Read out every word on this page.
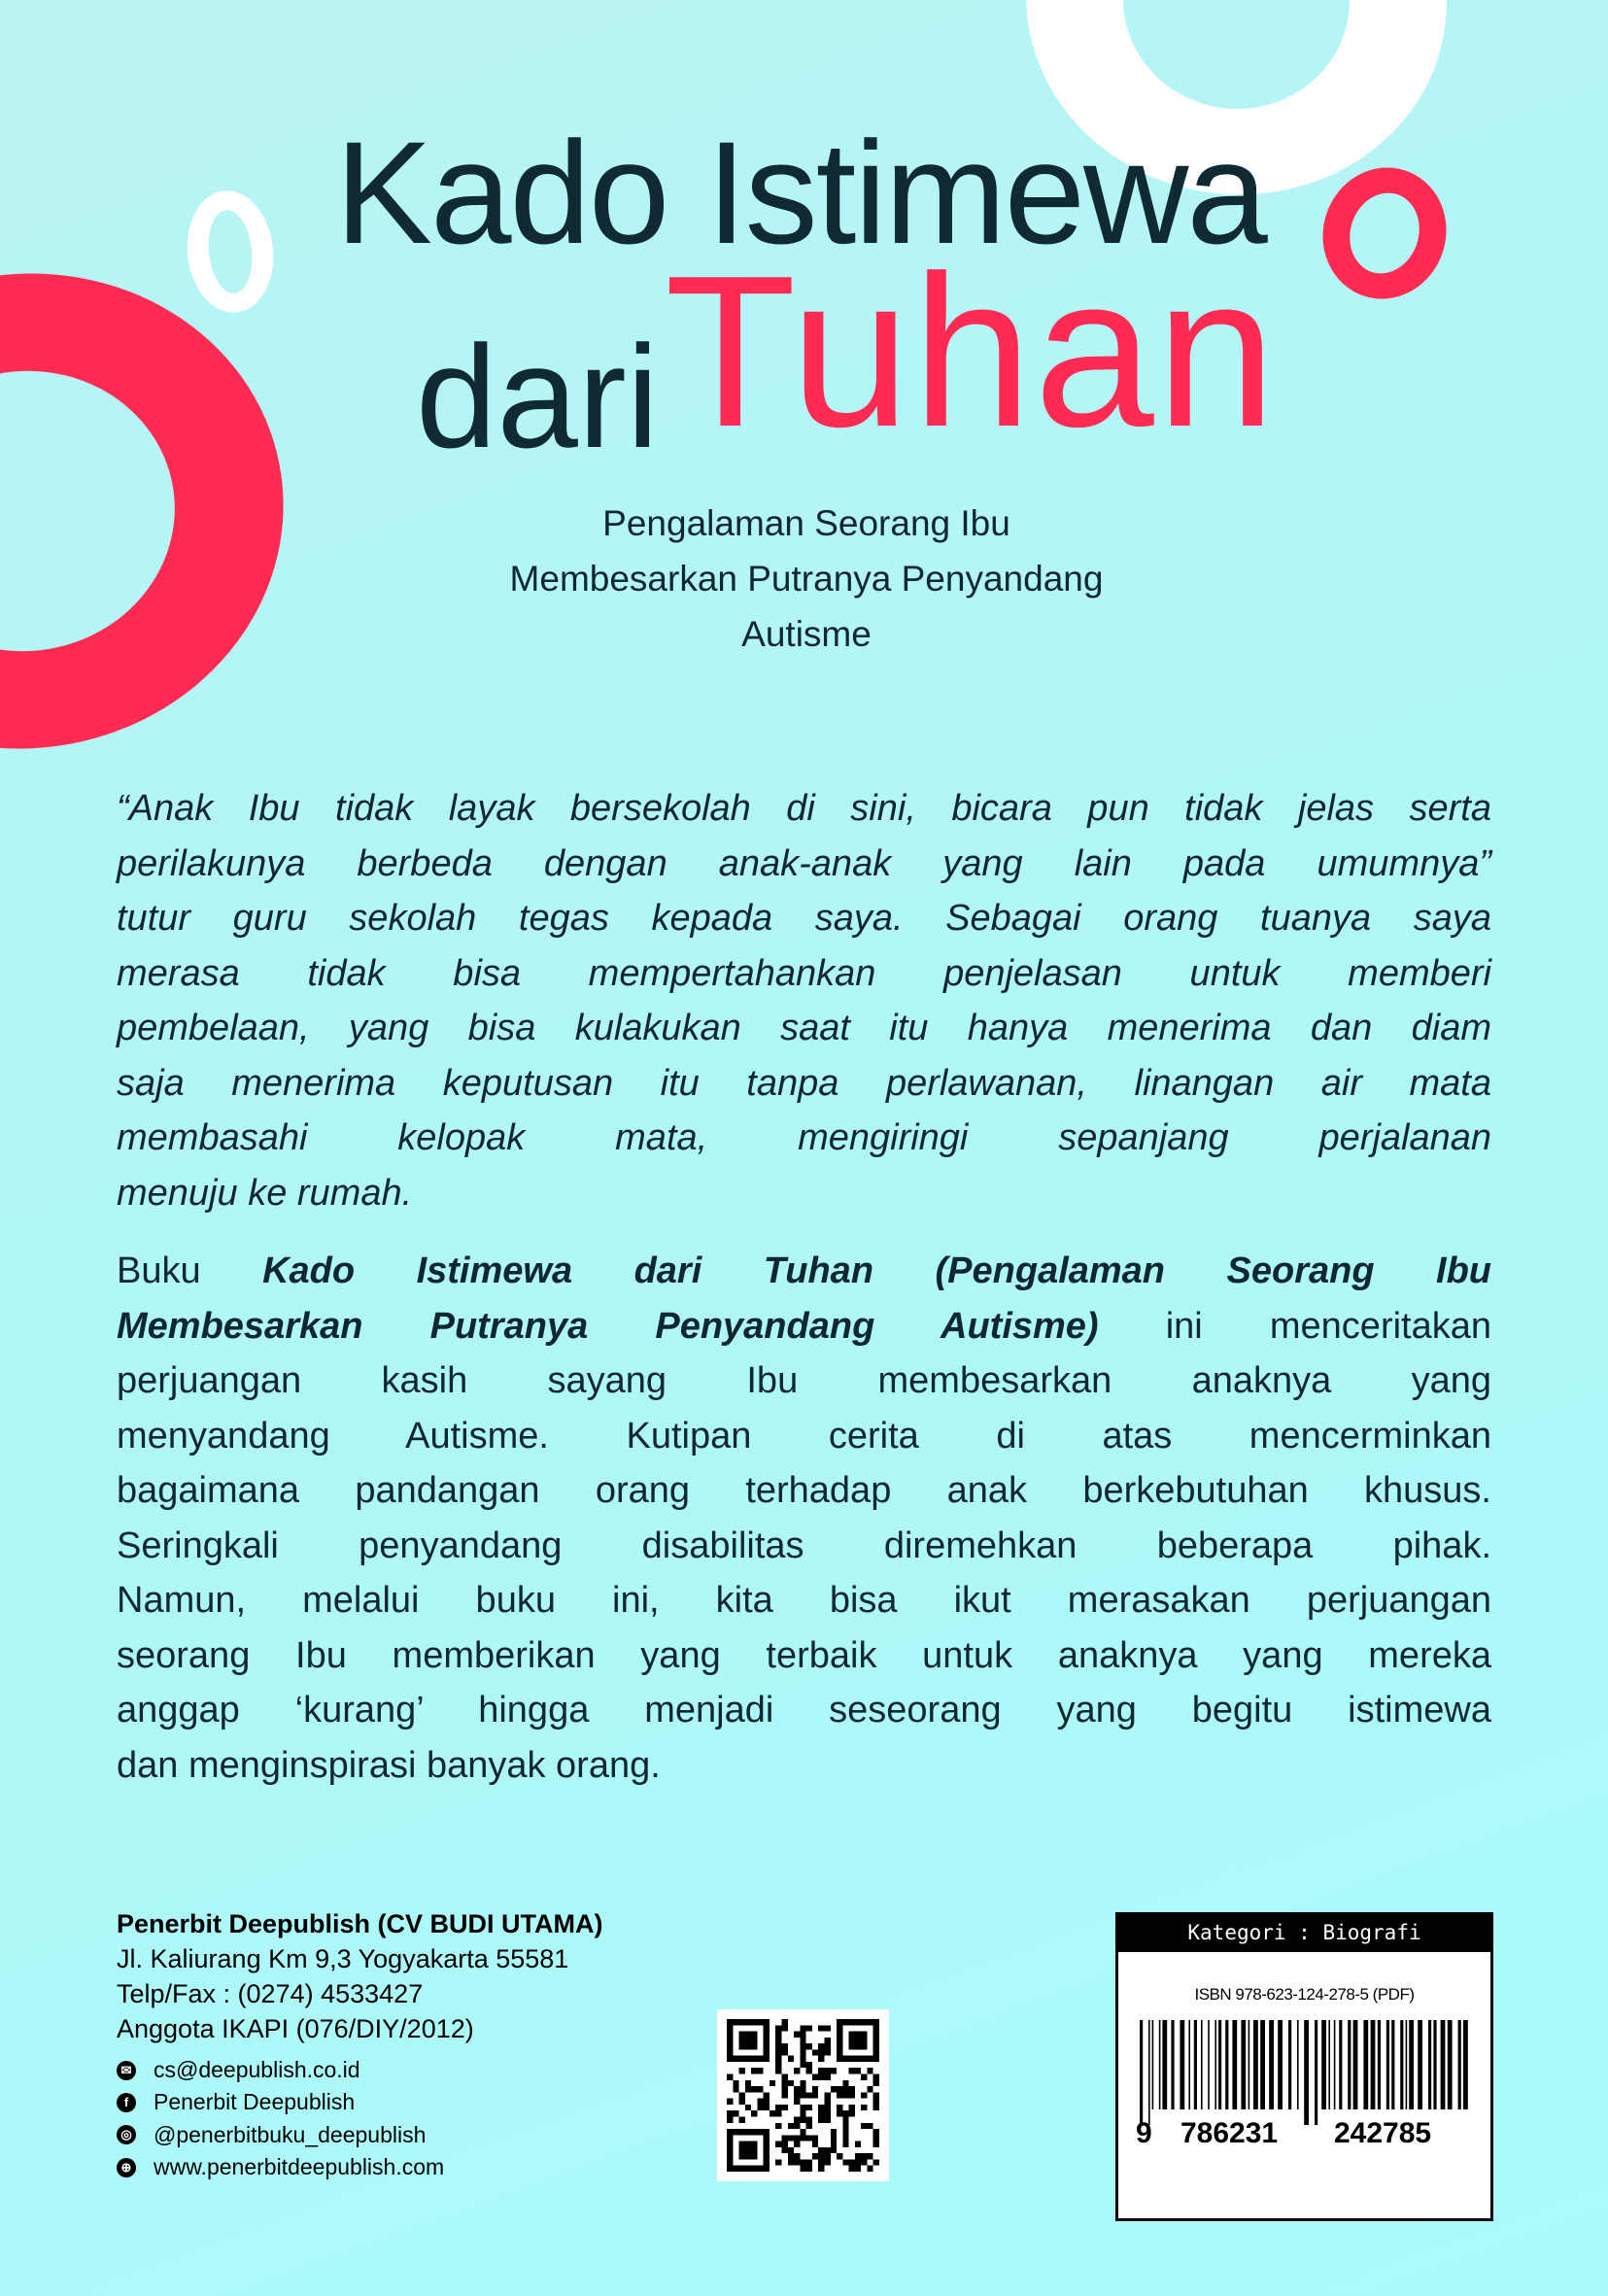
Kado Istimewa
dari Tuhan
Pengalaman Seorang Ibu
Membesarkan Putranya Penyandang
Autisme
“Anak Ibu tidak layak bersekolah di sini, bicara pun tidak jelas serta
perilakunya berbeda dengan anak-anak yang lain pada umumnya”
tutur guru sekolah tegas kepada saya. Sebagai orang tuanya saya
merasa tidak bisa mempertahankan penjelasan untuk memberi
pembelaan, yang bisa kulakukan saat itu hanya menerima dan diam
saja menerima keputusan itu tanpa perlawanan, linangan air mata
membasahi kelopak mata, mengiringi sepanjang perjalanan
menuju ke rumah.
Buku Kado Istimewa dari Tuhan (Pengalaman Seorang Ibu
Membesarkan Putranya Penyandang Autisme) ini menceritakan
perjuangan kasih sayang Ibu membesarkan anaknya yang
menyandang Autisme. Kutipan cerita di atas mencerminkan
bagaimana pandangan orang terhadap anak berkebutuhan khusus.
Seringkali penyandang disabilitas diremehkan beberapa pihak.
Namun, melalui buku ini, kita bisa ikut merasakan perjuangan
seorang Ibu memberikan yang terbaik untuk anaknya yang mereka
anggap ‘kurang’ hingga menjadi seseorang yang begitu istimewa
dan menginspirasi banyak orang.
Penerbit Deepublish (CV BUDI UTAMA)
Jl. Kaliurang Km 9,3 Yogyakarta 55581
Telp/Fax : (0274) 4533427
Anggota IKAPI (076/DIY/2012)
✉ cs@deepublish.co.id
f	Penerbit Deepublish
◎ @penerbitbuku_deepublish
⊕ www.penerbitdeepublish.com
Kategori : Biografi
ISBN 978-623-124-278-5 (PDF)
9 786231 242785
